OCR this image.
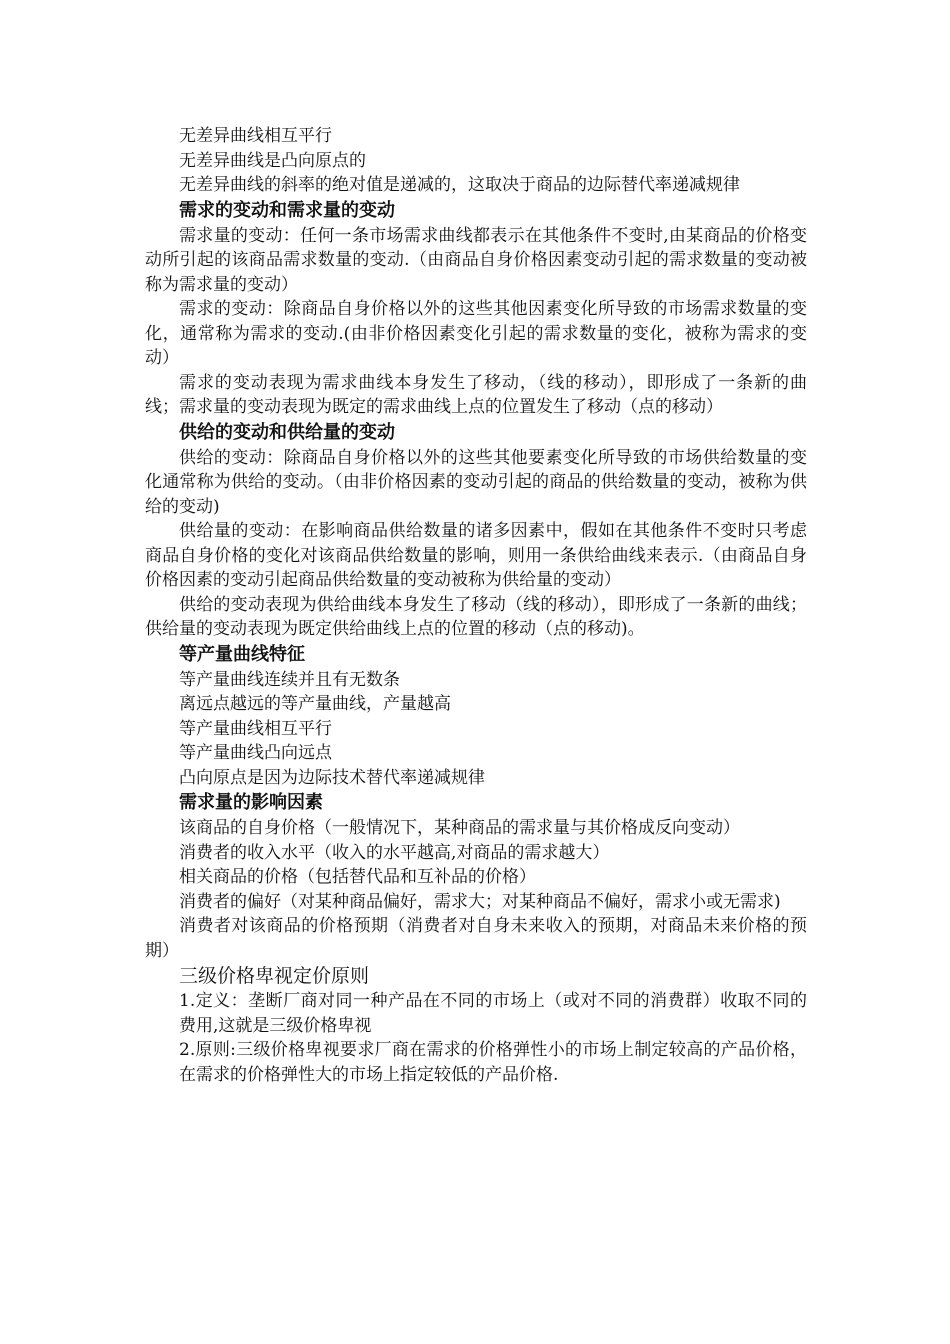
无差异曲线相互平行

无差异曲线是凸向原点的

无差异曲线的斜率的绝对值是递减的，这取决于商品的边际替代率递减规律

需求的变动和需求量的变动

需求量的变动：任何一条市场需求曲线都表示在其他条件不变时,由某商品的价格变动所引起的该商品需求数量的变动.（由商品自身价格因素变动引起的需求数量的变动被称为需求量的变动）

需求的变动：除商品自身价格以外的这些其他因素变化所导致的市场需求数量的变化，通常称为需求的变动.(由非价格因素变化引起的需求数量的变化，被称为需求的变动）

需求的变动表现为需求曲线本身发生了移动，（线的移动），即形成了一条新的曲线；需求量的变动表现为既定的需求曲线上点的位置发生了移动（点的移动）

供给的变动和供给量的变动

供给的变动：除商品自身价格以外的这些其他要素变化所导致的市场供给数量的变化通常称为供给的变动。（由非价格因素的变动引起的商品的供给数量的变动，被称为供给的变动)

供给量的变动：在影响商品供给数量的诸多因素中，假如在其他条件不变时只考虑商品自身价格的变化对该商品供给数量的影响，则用一条供给曲线来表示.（由商品自身价格因素的变动引起商品供给数量的变动被称为供给量的变动）

供给的变动表现为供给曲线本身发生了移动（线的移动），即形成了一条新的曲线；供给量的变动表现为既定供给曲线上点的位置的移动（点的移动)。

等产量曲线特征

等产量曲线连续并且有无数条

离远点越远的等产量曲线，产量越高

等产量曲线相互平行

等产量曲线凸向远点

凸向原点是因为边际技术替代率递减规律

需求量的影响因素

该商品的自身价格（一般情况下，某种商品的需求量与其价格成反向变动）

消费者的收入水平（收入的水平越高,对商品的需求越大）

相关商品的价格（包括替代品和互补品的价格）

消费者的偏好（对某种商品偏好，需求大；对某种商品不偏好，需求小或无需求)

消费者对该商品的价格预期（消费者对自身未来收入的预期，对商品未来价格的预期）

三级价格卑视定价原则

1.定义：垄断厂商对同一种产品在不同的市场上（或对不同的消费群）收取不同的费用,这就是三级价格卑视

2.原则:三级价格卑视要求厂商在需求的价格弹性小的市场上制定较高的产品价格，在需求的价格弹性大的市场上指定较低的产品价格.
